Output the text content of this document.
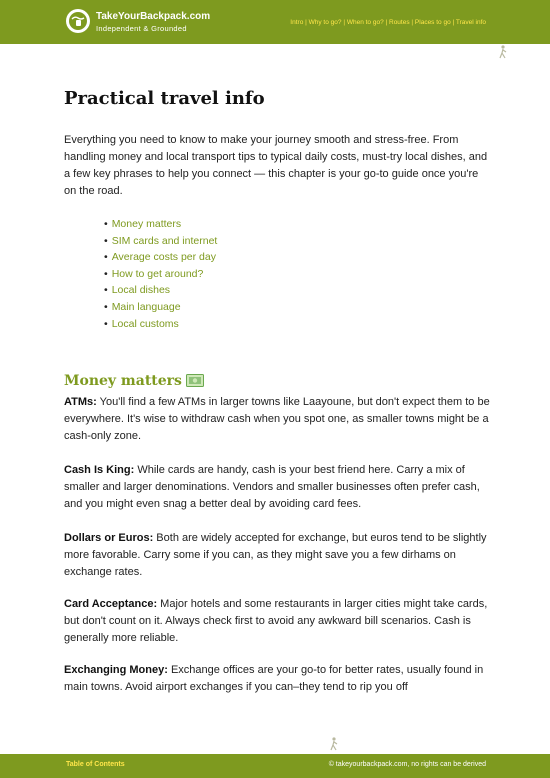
TakeYourBackpack.com
Independent & Grounded
Intro | Why to go? | When to go? | Routes | Places to go | Travel info
Practical travel info

Everything you need to know to make your journey smooth and stress-free. From handling money and local transport tips to typical daily costs, must-try local dishes, and a few key phrases to help you connect — this chapter is your go-to guide once you're on the road.

• Money matters
• SIM cards and internet
• Average costs per day
• How to get around?
• Local dishes
• Main language
• Local customs
Money matters

ATMs: You'll find a few ATMs in larger towns like Laayoune, but don't expect them to be everywhere. It's wise to withdraw cash when you spot one, as smaller towns might be a cash-only zone.

Cash Is King: While cards are handy, cash is your best friend here. Carry a mix of smaller and larger denominations. Vendors and smaller businesses often prefer cash, and you might even snag a better deal by avoiding card fees.

Dollars or Euros: Both are widely accepted for exchange, but euros tend to be slightly more favorable. Carry some if you can, as they might save you a few dirhams on exchange rates.

Card Acceptance: Major hotels and some restaurants in larger cities might take cards, but don't count on it. Always check first to avoid any awkward bill scenarios. Cash is generally more reliable.

Exchanging Money: Exchange offices are your go-to for better rates, usually found in main towns. Avoid airport exchanges if you can–they tend to rip you off

Table of Contents	© takeyourbackpack.com, no rights can be derived
